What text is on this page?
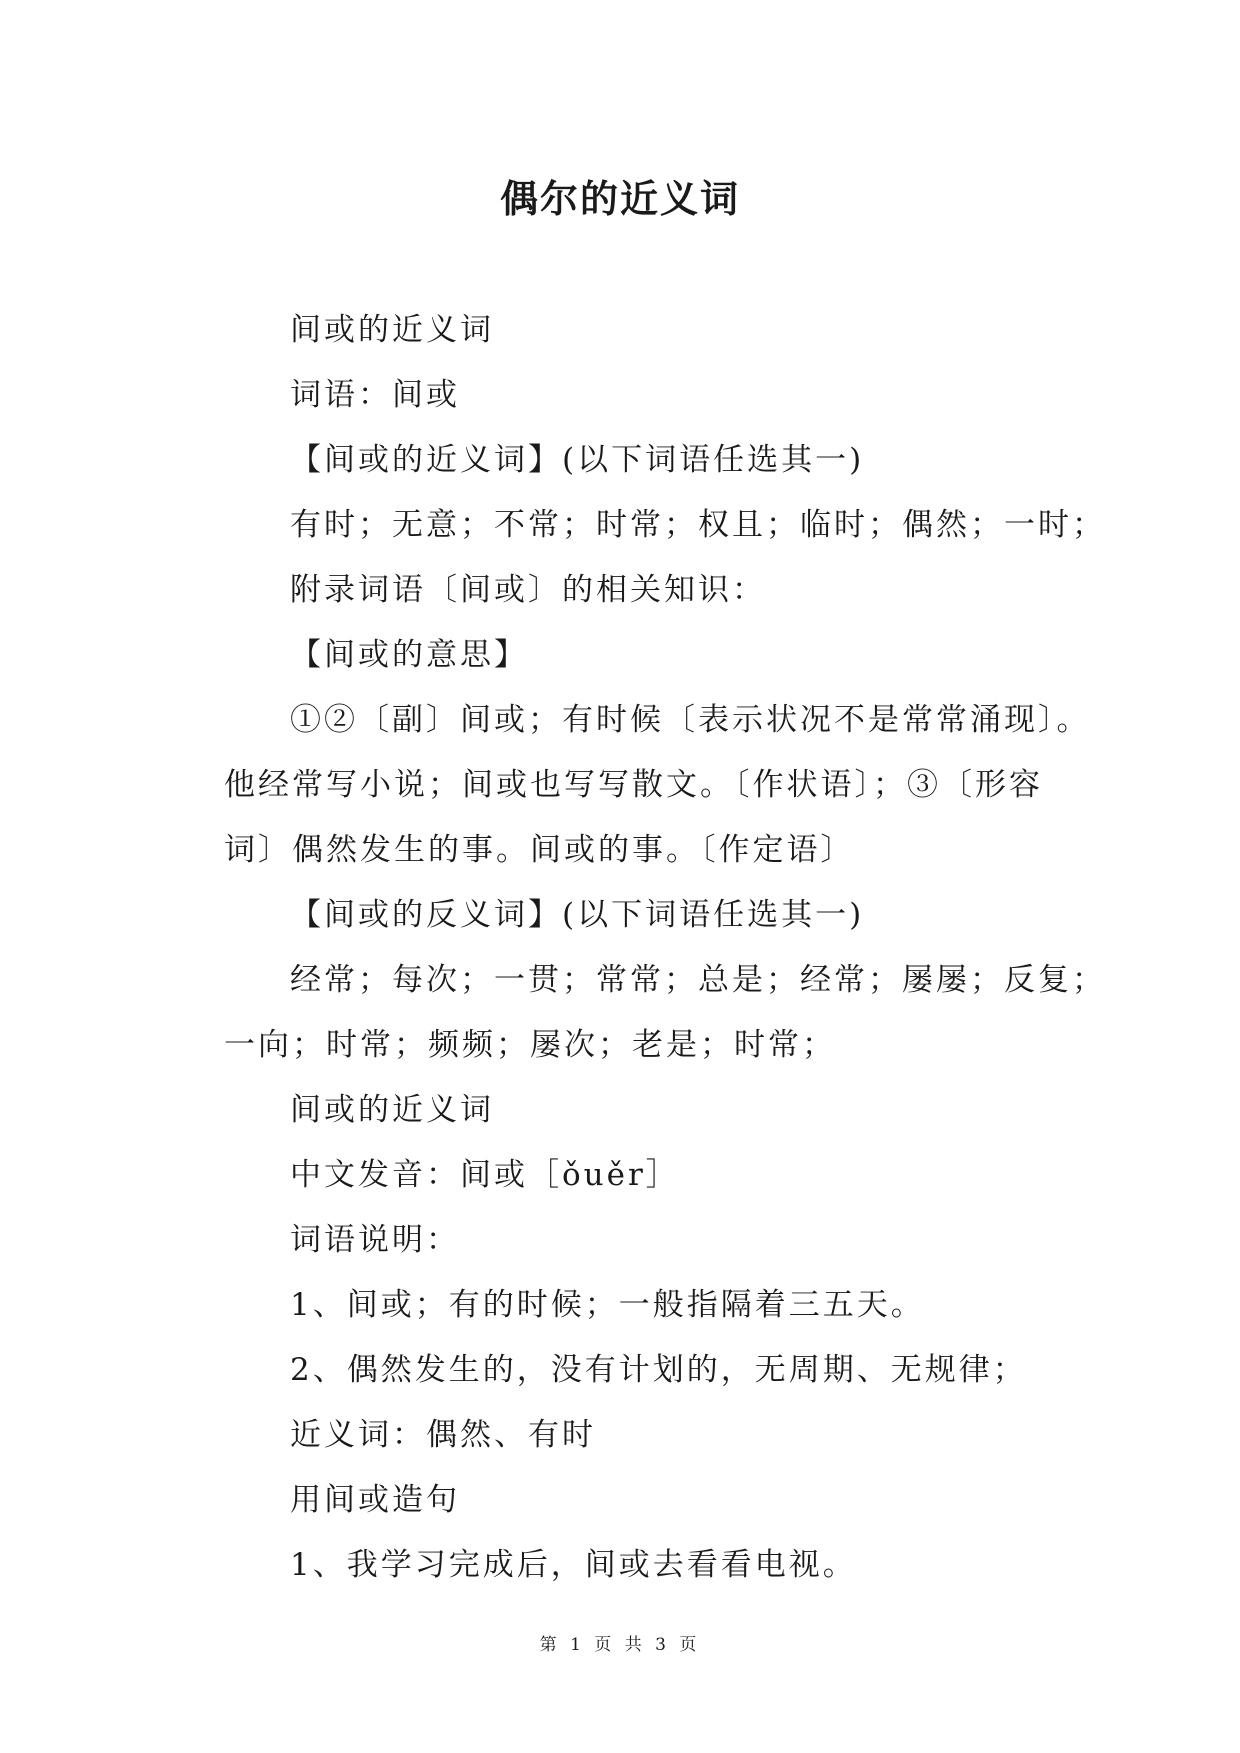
偶尔的近义词

间或的近义词

词语：间或

【间或的近义词】(以下词语任选其一)

有时；无意；不常；时常；权且；临时；偶然；一时；

附录词语〔间或〕的相关知识：

【间或的意思】

①②〔副〕间或；有时候〔表示状况不是常常涌现〕。

他经常写小说；间或也写写散文。〔作状语〕；③〔形容

词〕偶然发生的事。间或的事。〔作定语〕

【间或的反义词】(以下词语任选其一)

经常；每次；一贯；常常；总是；经常；屡屡；反复；

一向；时常；频频；屡次；老是；时常；

间或的近义词

中文发音：间或［ǒuěr］

词语说明：

1、间或；有的时候；一般指隔着三五天。

2、偶然发生的，没有计划的，无周期、无规律；

近义词：偶然、有时

用间或造句

1、我学习完成后，间或去看看电视。

第 1 页 共 3 页
